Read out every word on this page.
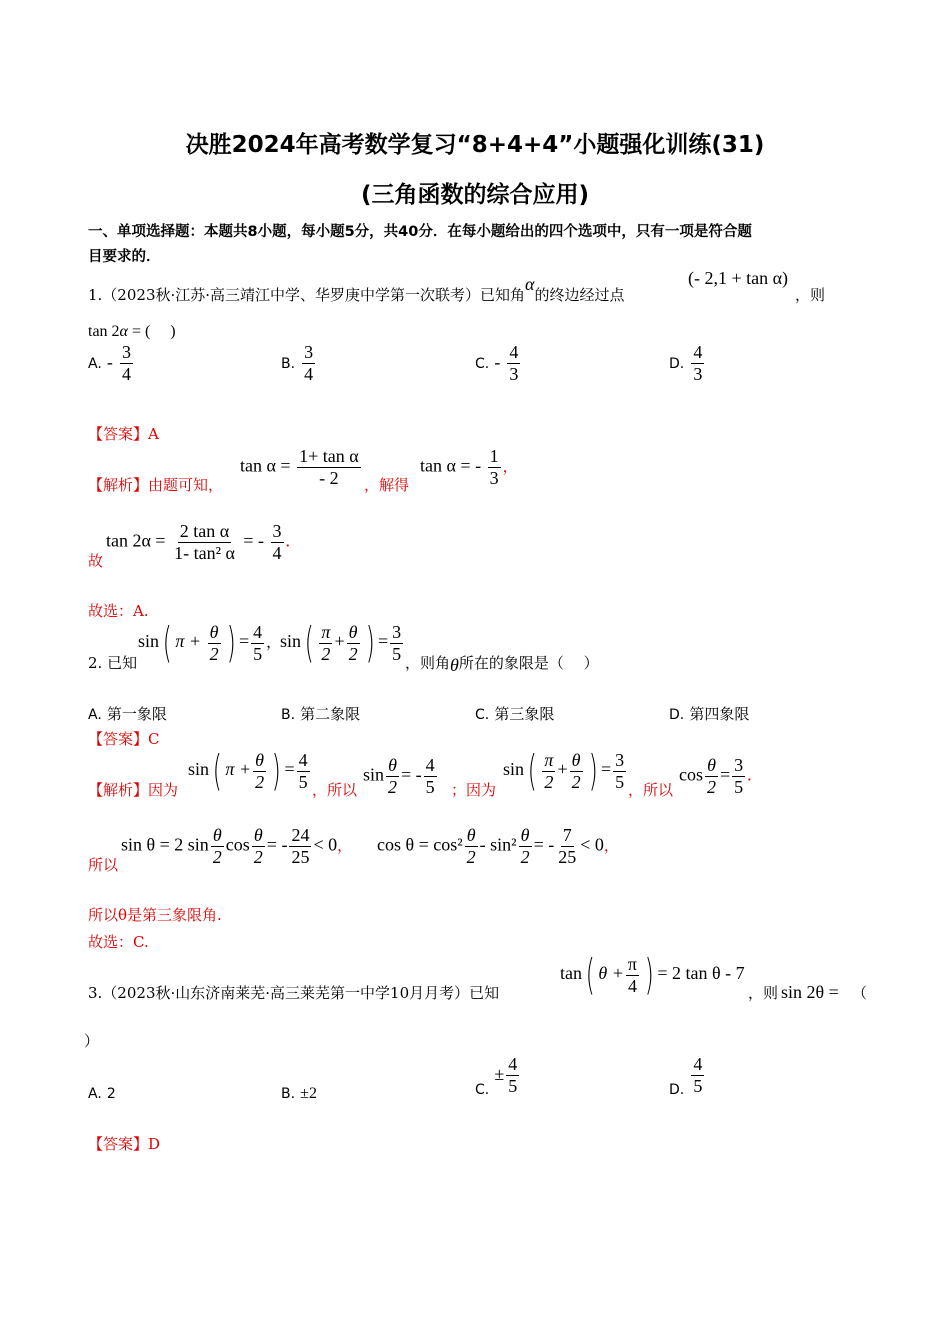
决胜2024年高考数学复习“8+4+4”小题强化训练(31)
(三角函数的综合应用)
一、单项选择题：本题共8小题，每小题5分，共40分．在每小题给出的四个选项中，只有一项是符合题
目要求的．
1.（2023秋·江苏·高三靖江中学、华罗庚中学第一次联考）已知角α的终边经过点
(- 2,1 + tan α)
，则
tan 2α = (　 )
A. - $\frac{3}{4}$	B. $\frac{3}{4}$	C. - $\frac{4}{3}$	D. $\frac{4}{3}$
【答案】A
【解析】由题可知，
$\tan \alpha = \frac{\text{1+ tan α}}{- 2}$ ，解得
tan α = - $\frac{1}{3}$ ，
故
$\tan 2\alpha = \frac{\text{2 tan α}}{\text{1- tan² α}}$ = - $\frac{3}{4}$ .
故选：A.
2. 已知
sin( $\pi + \frac{\theta}{2}$ ) = $\frac{4}{5}$ ，
$\sin( \frac{\pi}{2} + \frac{\theta}{2}$ ) = $\frac{3}{5}$ ，则角θ所在的象限是（　 ）
A. 第一象限	B. 第二象限	C. 第三象限	D. 第四象限
【答案】C
【解析】因为
sin( $\pi + \frac{\theta}{2}$ ) = $\frac{4}{5}$ ，所以
$\sin \frac{\theta}{2}$ = - $\frac{4}{5}$ ；因为
$\sin( \frac{\pi}{2} + \frac{\theta}{2}$ ) = $\frac{3}{5}$ ，所以
$\cos \frac{\theta}{2} = \frac{3}{5}$ .
所以
sin θ = 2 $\sin \frac{\theta}{2}$ $\cos \frac{\theta}{2}$ = - $\frac{24}{25} < 0$， $\cos \theta = \cos^2 \frac{\theta}{2} - \sin^2 \frac{\theta}{2}$ = - $\frac{7}{25} < 0$，
所以θ是第三象限角.
故选：C.
3.（2023秋·山东济南莱芜·高三莱芜第一中学10月月考）已知
tan( $\theta + \frac{\pi}{4}$ ) = 2 tan θ - 7
，则 sin 2θ = （
）
A. 2	B. ±2	C. ± $\frac{4}{5}$	D. $\frac{4}{5}$
【答案】D
